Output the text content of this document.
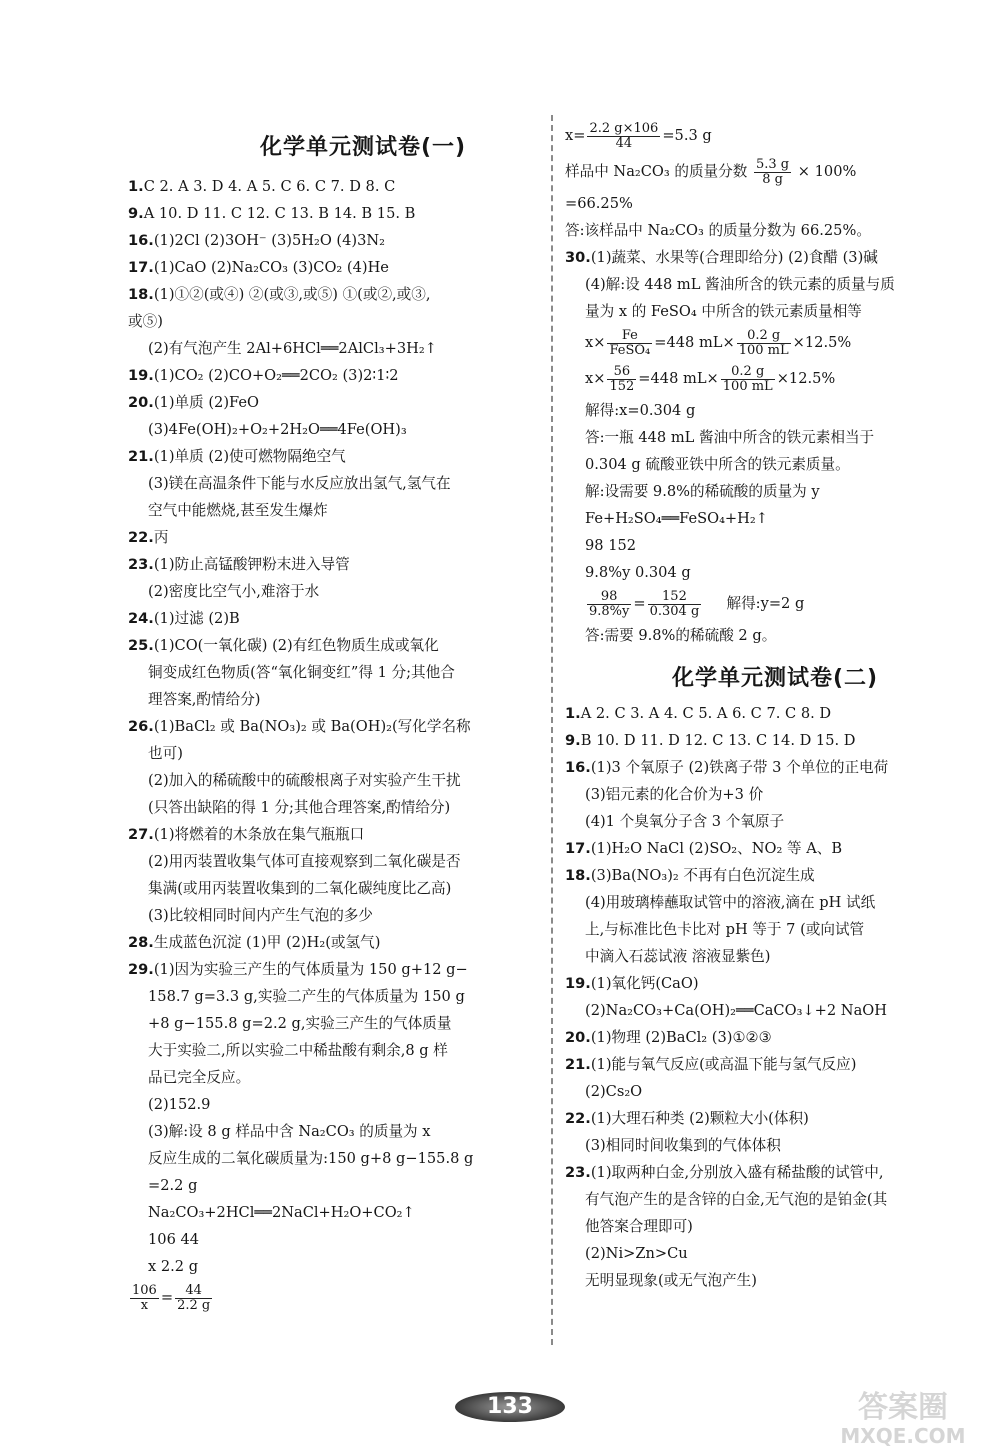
化学单元测试卷(一)
1.C 2. A 3. D 4. A 5. C 6. C 7. D 8. C
9.A 10. D 11. C 12. C 13. B 14. B 15. B
16.(1)2Cl (2)3OH⁻ (3)5H₂O (4)3N₂
17.(1)CaO (2)Na₂CO₃ (3)CO₂ (4)He
18.(1)①②(或④) ②(或③,或⑤) ①(或②,或③,
或⑤)
(2)有气泡产生 2Al+6HCl══2AlCl₃+3H₂↑
19.(1)CO₂ (2)CO+O₂══2CO₂ (3)2∶1∶2
20.(1)单质 (2)FeO
(3)4Fe(OH)₂+O₂+2H₂O══4Fe(OH)₃
21.(1)单质 (2)使可燃物隔绝空气
(3)镁在高温条件下能与水反应放出氢气,氢气在
空气中能燃烧,甚至发生爆炸
22.丙
23.(1)防止高锰酸钾粉末进入导管
(2)密度比空气小,难溶于水
24.(1)过滤 (2)B
25.(1)CO(一氧化碳) (2)有红色物质生成或氧化
铜变成红色物质(答“氧化铜变红”得 1 分;其他合
理答案,酌情给分)
26.(1)BaCl₂ 或 Ba(NO₃)₂ 或 Ba(OH)₂(写化学名称
也可)
(2)加入的稀硫酸中的硫酸根离子对实验产生干扰
(只答出缺陷的得 1 分;其他合理答案,酌情给分)
27.(1)将燃着的木条放在集气瓶瓶口
(2)用丙装置收集气体可直接观察到二氧化碳是否
集满(或用丙装置收集到的二氧化碳纯度比乙高)
(3)比较相同时间内产生气泡的多少
28.生成蓝色沉淀 (1)甲 (2)H₂(或氢气)
29.(1)因为实验三产生的气体质量为 150 g+12 g−
158.7 g=3.3 g,实验二产生的气体质量为 150 g
+8 g−155.8 g=2.2 g,实验三产生的气体质量
大于实验二,所以实验二中稀盐酸有剩余,8 g 样
品已完全反应。
(2)152.9
(3)解:设 8 g 样品中含 Na₂CO₃ 的质量为 x
反应生成的二氧化碳质量为:150 g+8 g−155.8 g
=2.2 g
Na₂CO₃+2HCl══2NaCl+H₂O+CO₂↑
106 44
x 2.2 g
$\frac{106}{x} = \frac{44}{2.2 g}$
$x= \frac{2.2 g\times 106}{44} =5.3$ g
样品中 Na₂CO₃ 的质量分数 $\frac{5.3 g}{8 g} \times 100\%$
=66.25%
答:该样品中 Na₂CO₃ 的质量分数为 66.25%。
30.(1)蔬菜、水果等(合理即给分) (2)食醋 (3)碱
(4)解:设 448 mL 酱油所含的铁元素的质量与质
量为 x 的 FeSO₄ 中所含的铁元素质量相等
$x\times \frac{Fe}{\text{FeSO₄}} =448$ $mL\times \frac{0.2 g}{100 mL} \times 12.5\%$
$x\times \frac{56}{152} =448$ $mL\times \frac{0.2 g}{100 mL} \times 12.5\%$
解得:x=0.304 g
答:一瓶 448 mL 酱油中所含的铁元素相当于
0.304 g 硫酸亚铁中所含的铁元素质量。
解:设需要 9.8%的稀硫酸的质量为 y
Fe+H₂SO₄══FeSO₄+H₂↑
98 152
9.8%y 0.304 g
$\frac{98}{9.8\%y} = \frac{152}{0.304 g}$ 解得:y=2 g
答:需要 9.8%的稀硫酸 2 g。
化学单元测试卷(二)
1.A 2. C 3. A 4. C 5. A 6. C 7. C 8. D
9.B 10. D 11. D 12. C 13. C 14. D 15. D
16.(1)3 个氧原子 (2)铁离子带 3 个单位的正电荷
(3)铝元素的化合价为+3 价
(4)1 个臭氧分子含 3 个氧原子
17.(1)H₂O NaCl (2)SO₂、NO₂ 等 A、B
18.(3)Ba(NO₃)₂ 不再有白色沉淀生成
(4)用玻璃棒蘸取试管中的溶液,滴在 pH 试纸
上,与标准比色卡比对 pH 等于 7 (或向试管
中滴入石蕊试液 溶液显紫色)
19.(1)氧化钙(CaO)
(2)Na₂CO₃+Ca(OH)₂══CaCO₃↓+2 NaOH
20.(1)物理 (2)BaCl₂ (3)①②③
21.(1)能与氧气反应(或高温下能与氢气反应)
(2)Cs₂O
22.(1)大理石种类 (2)颗粒大小(体积)
(3)相同时间收集到的气体体积
23.(1)取两种白金,分别放入盛有稀盐酸的试管中,
有气泡产生的是含锌的白金,无气泡的是铂金(其
他答案合理即可)
(2)Ni>Zn>Cu
无明显现象(或无气泡产生)
133	答案圈
MXQE.COM
